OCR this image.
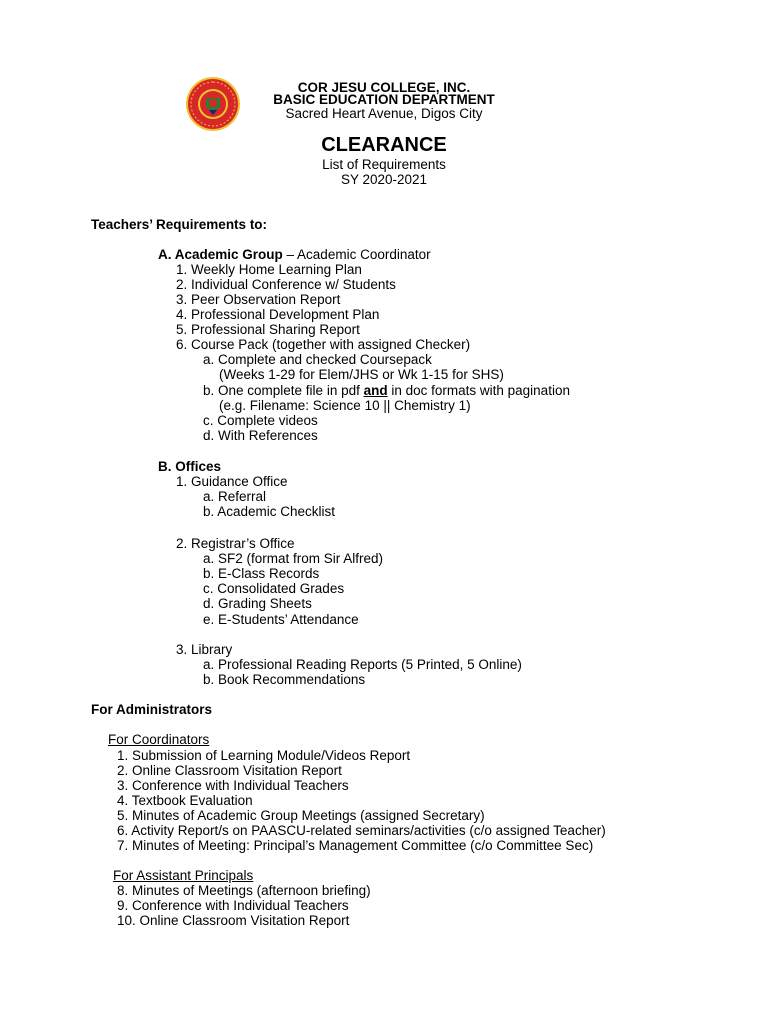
COR JESU COLLEGE, INC.
BASIC EDUCATION DEPARTMENT
Sacred Heart Avenue, Digos City
CLEARANCE
List of Requirements
SY 2020-2021
Teachers’ Requirements to:
A. Academic Group – Academic Coordinator
1. Weekly Home Learning Plan
2. Individual Conference w/ Students
3. Peer Observation Report
4. Professional Development Plan
5. Professional Sharing Report
6. Course Pack (together with assigned Checker)
a. Complete and checked Coursepack
(Weeks 1-29 for Elem/JHS or Wk 1-15 for SHS)
b. One complete file in pdf and in doc formats with pagination
(e.g. Filename: Science 10 || Chemistry 1)
c. Complete videos
d. With References
B. Offices
1. Guidance Office
a. Referral
b. Academic Checklist
2. Registrar’s Office
a. SF2 (format from Sir Alfred)
b. E-Class Records
c. Consolidated Grades
d. Grading Sheets
e. E-Students’ Attendance
3. Library
a. Professional Reading Reports (5 Printed, 5 Online)
b. Book Recommendations
For Administrators
For Coordinators
1. Submission of Learning Module/Videos Report
2. Online Classroom Visitation Report
3. Conference with Individual Teachers
4. Textbook Evaluation
5. Minutes of Academic Group Meetings (assigned Secretary)
6. Activity Report/s on PAASCU-related seminars/activities (c/o assigned Teacher)
7. Minutes of Meeting: Principal’s Management Committee (c/o Committee Sec)
For Assistant Principals
8. Minutes of Meetings (afternoon briefing)
9. Conference with Individual Teachers
10. Online Classroom Visitation Report
